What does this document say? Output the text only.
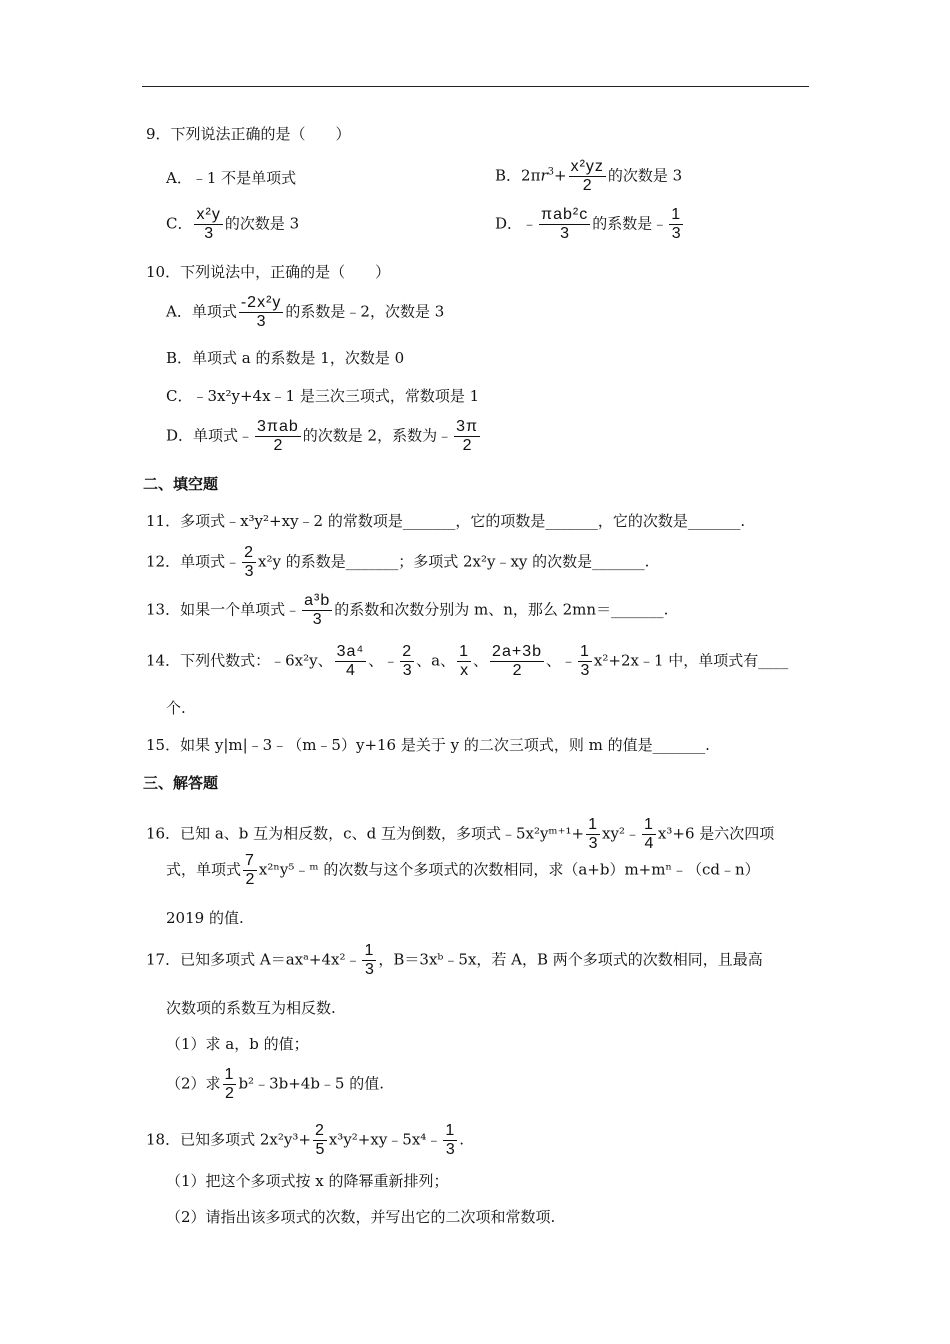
9．下列说法正确的是（　　）
A．﹣1 不是单项式	B．$2\pi r^3+ \frac{\text{x²yz}}{2}$ 的次数是 3
C． $\frac{\text{x²y}}{3}$ 的次数是 3	D．﹣ $\frac{\text{πab²c}}{3}$ 的系数是﹣ $\frac{1}{3}$
10．下列说法中，正确的是（　　）
A．单项式 $\frac{\text{-2x²y}}{3}$ 的系数是﹣2，次数是 3
B．单项式 a 的系数是 1，次数是 0
C．﹣3x²y+4x﹣1 是三次三项式，常数项是 1
D．单项式﹣ $\frac{\text{3πab}}{2}$ 的次数是 2，系数为﹣ $\frac{3\pi}{2}$
二、填空题
11．多项式﹣x³y²+xy﹣2 的常数项是_______，它的项数是_______，它的次数是_______.
12．单项式﹣ $\frac{2}{3} x^2y$ 的系数是_______；多项式 2x²y﹣xy 的次数是_______.
13．如果一个单项式﹣ $\frac{\text{a³b}}{3}$ 的系数和次数分别为 m、n，那么 2mn＝_______.
14．下列代数式：﹣6x²y、 $\frac{\text{3a⁴}}{4}$ 、﹣ $\frac{2}{3}$ 、a、 $\frac{1}{x}$ 、 $\frac{2a+3b}{2}$ 、﹣ $\frac{1}{3}$ x²+2x﹣1 中，单项式有____
个.
15．如果 y|m|﹣3﹣（m﹣5）y+16 是关于 y 的二次三项式，则 m 的值是_______.
三、解答题
16．已知 a、b 互为相反数，c、d 互为倒数，多项式﹣5x²yᵐ⁺¹+ $\frac{1}{3}$ xy²﹣ $\frac{1}{4} x^3+6$ 是六次四项
式，单项式 $\frac{7}{2}$ x²ⁿy⁵﹣ᵐ 的次数与这个多项式的次数相同，求（a+b）m+mⁿ﹣（cd﹣n）
2019 的值.
17．已知多项式 A＝axᵃ+4x²﹣ $\frac{1}{3}$ ，B＝3xᵇ﹣5x，若 A，B 两个多项式的次数相同，且最高
次数项的系数互为相反数.
（1）求 a，b 的值；
（2）求 $\frac{1}{2}$ b²﹣3b+4b﹣5 的值.
18．已知多项式 $2x^2y^3+ \frac{2}{5}$ x³y²+xy﹣5x⁴﹣ $\frac{1}{3}$ .
（1）把这个多项式按 x 的降幂重新排列；
（2）请指出该多项式的次数，并写出它的二次项和常数项.
